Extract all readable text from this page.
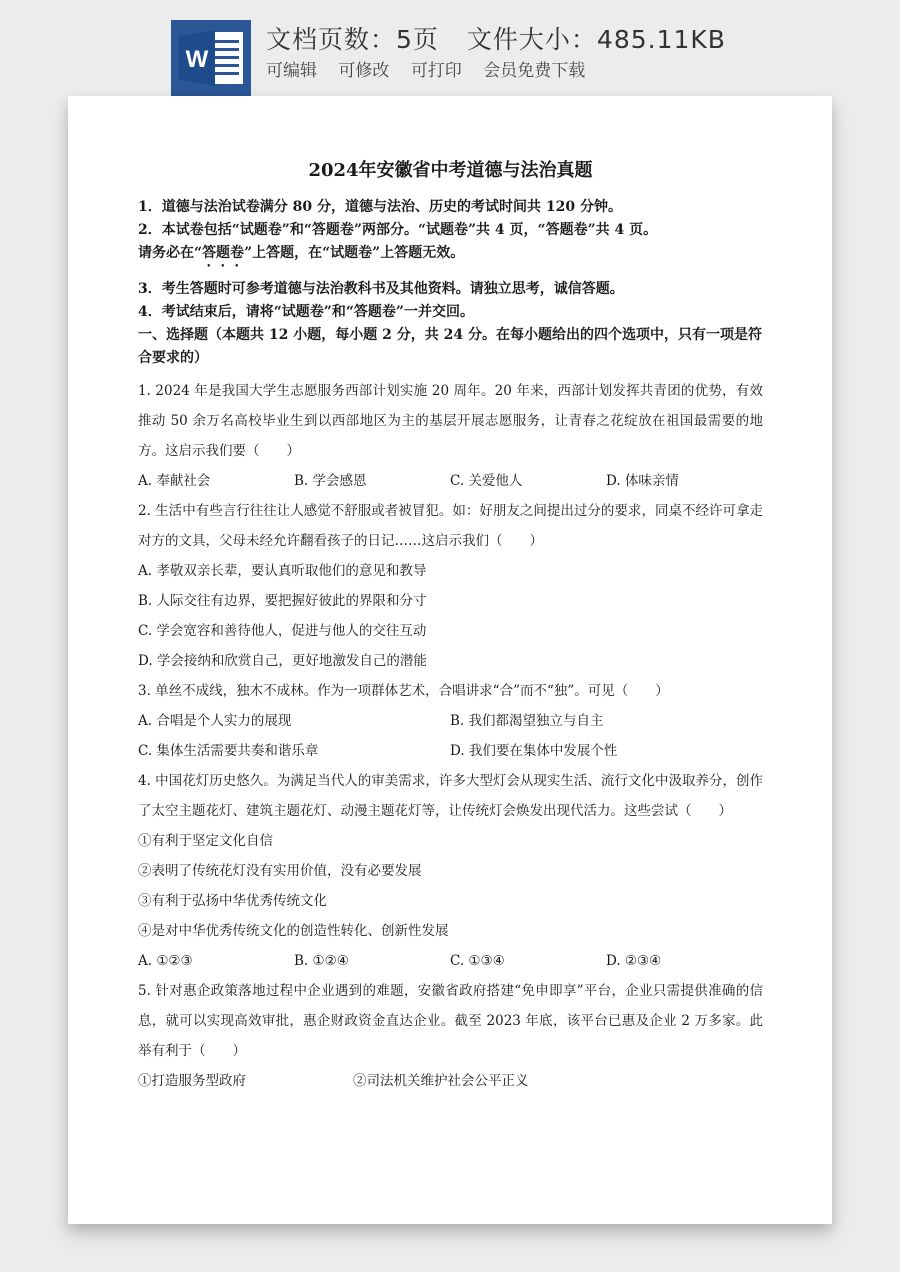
W
文档页数：5页 文件大小：485.11KB
可编辑 可修改 可打印 会员免费下载
2024年安徽省中考道德与法治真题

1．道德与法治试卷满分 80 分，道德与法治、历史的考试时间共 120 分钟。

2．本试卷包括“试题卷”和“答题卷”两部分。“试题卷”共 4 页，“答题卷”共 4 页。

请务必在“答题卷”上答题，在“试题卷”上答题无效。

3．考生答题时可参考道德与法治教科书及其他资料。请独立思考，诚信答题。

4．考试结束后，请将“试题卷”和“答题卷”一并交回。

一、选择题（本题共 12 小题，每小题 2 分，共 24 分。在每小题给出的四个选项中，只有一项是符合要求的）

1. 2024 年是我国大学生志愿服务西部计划实施 20 周年。20 年来，西部计划发挥共青团的优势，有效推动 50 余万名高校毕业生到以西部地区为主的基层开展志愿服务，让青春之花绽放在祖国最需要的地方。这启示我们要（　　）

A. 奉献社会	B. 学会感恩	C. 关爱他人	D. 体味亲情

2. 生活中有些言行往往让人感觉不舒服或者被冒犯。如：好朋友之间提出过分的要求，同桌不经许可拿走对方的文具，父母未经允许翻看孩子的日记……这启示我们（　　）

A. 孝敬双亲长辈，要认真听取他们的意见和教导
B. 人际交往有边界，要把握好彼此的界限和分寸
C. 学会宽容和善待他人，促进与他人的交往互动
D. 学会接纳和欣赏自己，更好地激发自己的潜能

3. 单丝不成线，独木不成林。作为一项群体艺术，合唱讲求“合”而不“独”。可见（　　）

A. 合唱是个人实力的展现	B. 我们都渴望独立与自主
C. 集体生活需要共奏和谐乐章	D. 我们要在集体中发展个性

4. 中国花灯历史悠久。为满足当代人的审美需求，许多大型灯会从现实生活、流行文化中汲取养分，创作了太空主题花灯、建筑主题花灯、动漫主题花灯等，让传统灯会焕发出现代活力。这些尝试（　　）

①有利于坚定文化自信
②表明了传统花灯没有实用价值，没有必要发展
③有利于弘扬中华优秀传统文化
④是对中华优秀传统文化的创造性转化、创新性发展
A. ①②③	B. ①②④	C. ①③④	D. ②③④

5. 针对惠企政策落地过程中企业遇到的难题，安徽省政府搭建“免申即享”平台，企业只需提供准确的信息，就可以实现高效审批，惠企财政资金直达企业。截至 2023 年底，该平台已惠及企业 2 万多家。此举有利于（　　）

①打造服务型政府	②司法机关维护社会公平正义
